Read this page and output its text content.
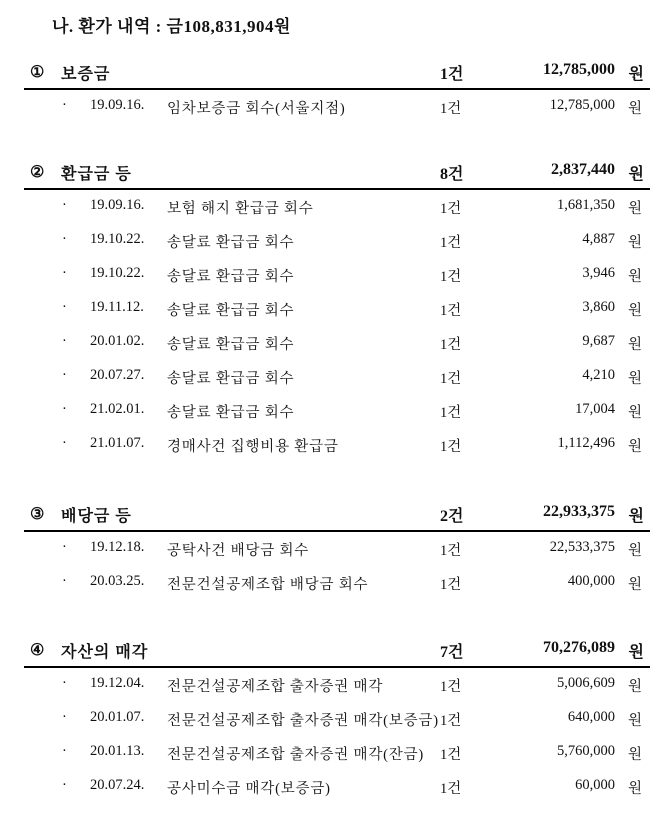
나. 환가 내역 : 금108,831,904원
① 보증금	1건	12,785,000 원
· 19.09.16. 임차보증금 회수(서울지점)	1건	12,785,000 원
② 환급금 등	8건	2,837,440 원
· 19.09.16. 보험 해지 환급금 회수	1건	1,681,350 원
· 19.10.22. 송달료 환급금 회수	1건	4,887 원
· 19.10.22. 송달료 환급금 회수	1건	3,946 원
· 19.11.12. 송달료 환급금 회수	1건	3,860 원
· 20.01.02. 송달료 환급금 회수	1건	9,687 원
· 20.07.27. 송달료 환급금 회수	1건	4,210 원
· 21.02.01. 송달료 환급금 회수	1건	17,004 원
· 21.01.07. 경매사건 집행비용 환급금	1건	1,112,496 원
③ 배당금 등	2건	22,933,375 원
· 19.12.18. 공탁사건 배당금 회수	1건	22,533,375 원
· 20.03.25. 전문건설공제조합 배당금 회수	1건	400,000 원
④ 자산의 매각	7건	70,276,089 원
· 19.12.04. 전문건설공제조합 출자증권 매각	1건	5,006,609 원
· 20.01.07. 전문건설공제조합 출자증권 매각(보증금) 1건	640,000 원
· 20.01.13. 전문건설공제조합 출자증권 매각(잔금) 1건	5,760,000 원
· 20.07.24. 공사미수금 매각(보증금)	1건	60,000 원
